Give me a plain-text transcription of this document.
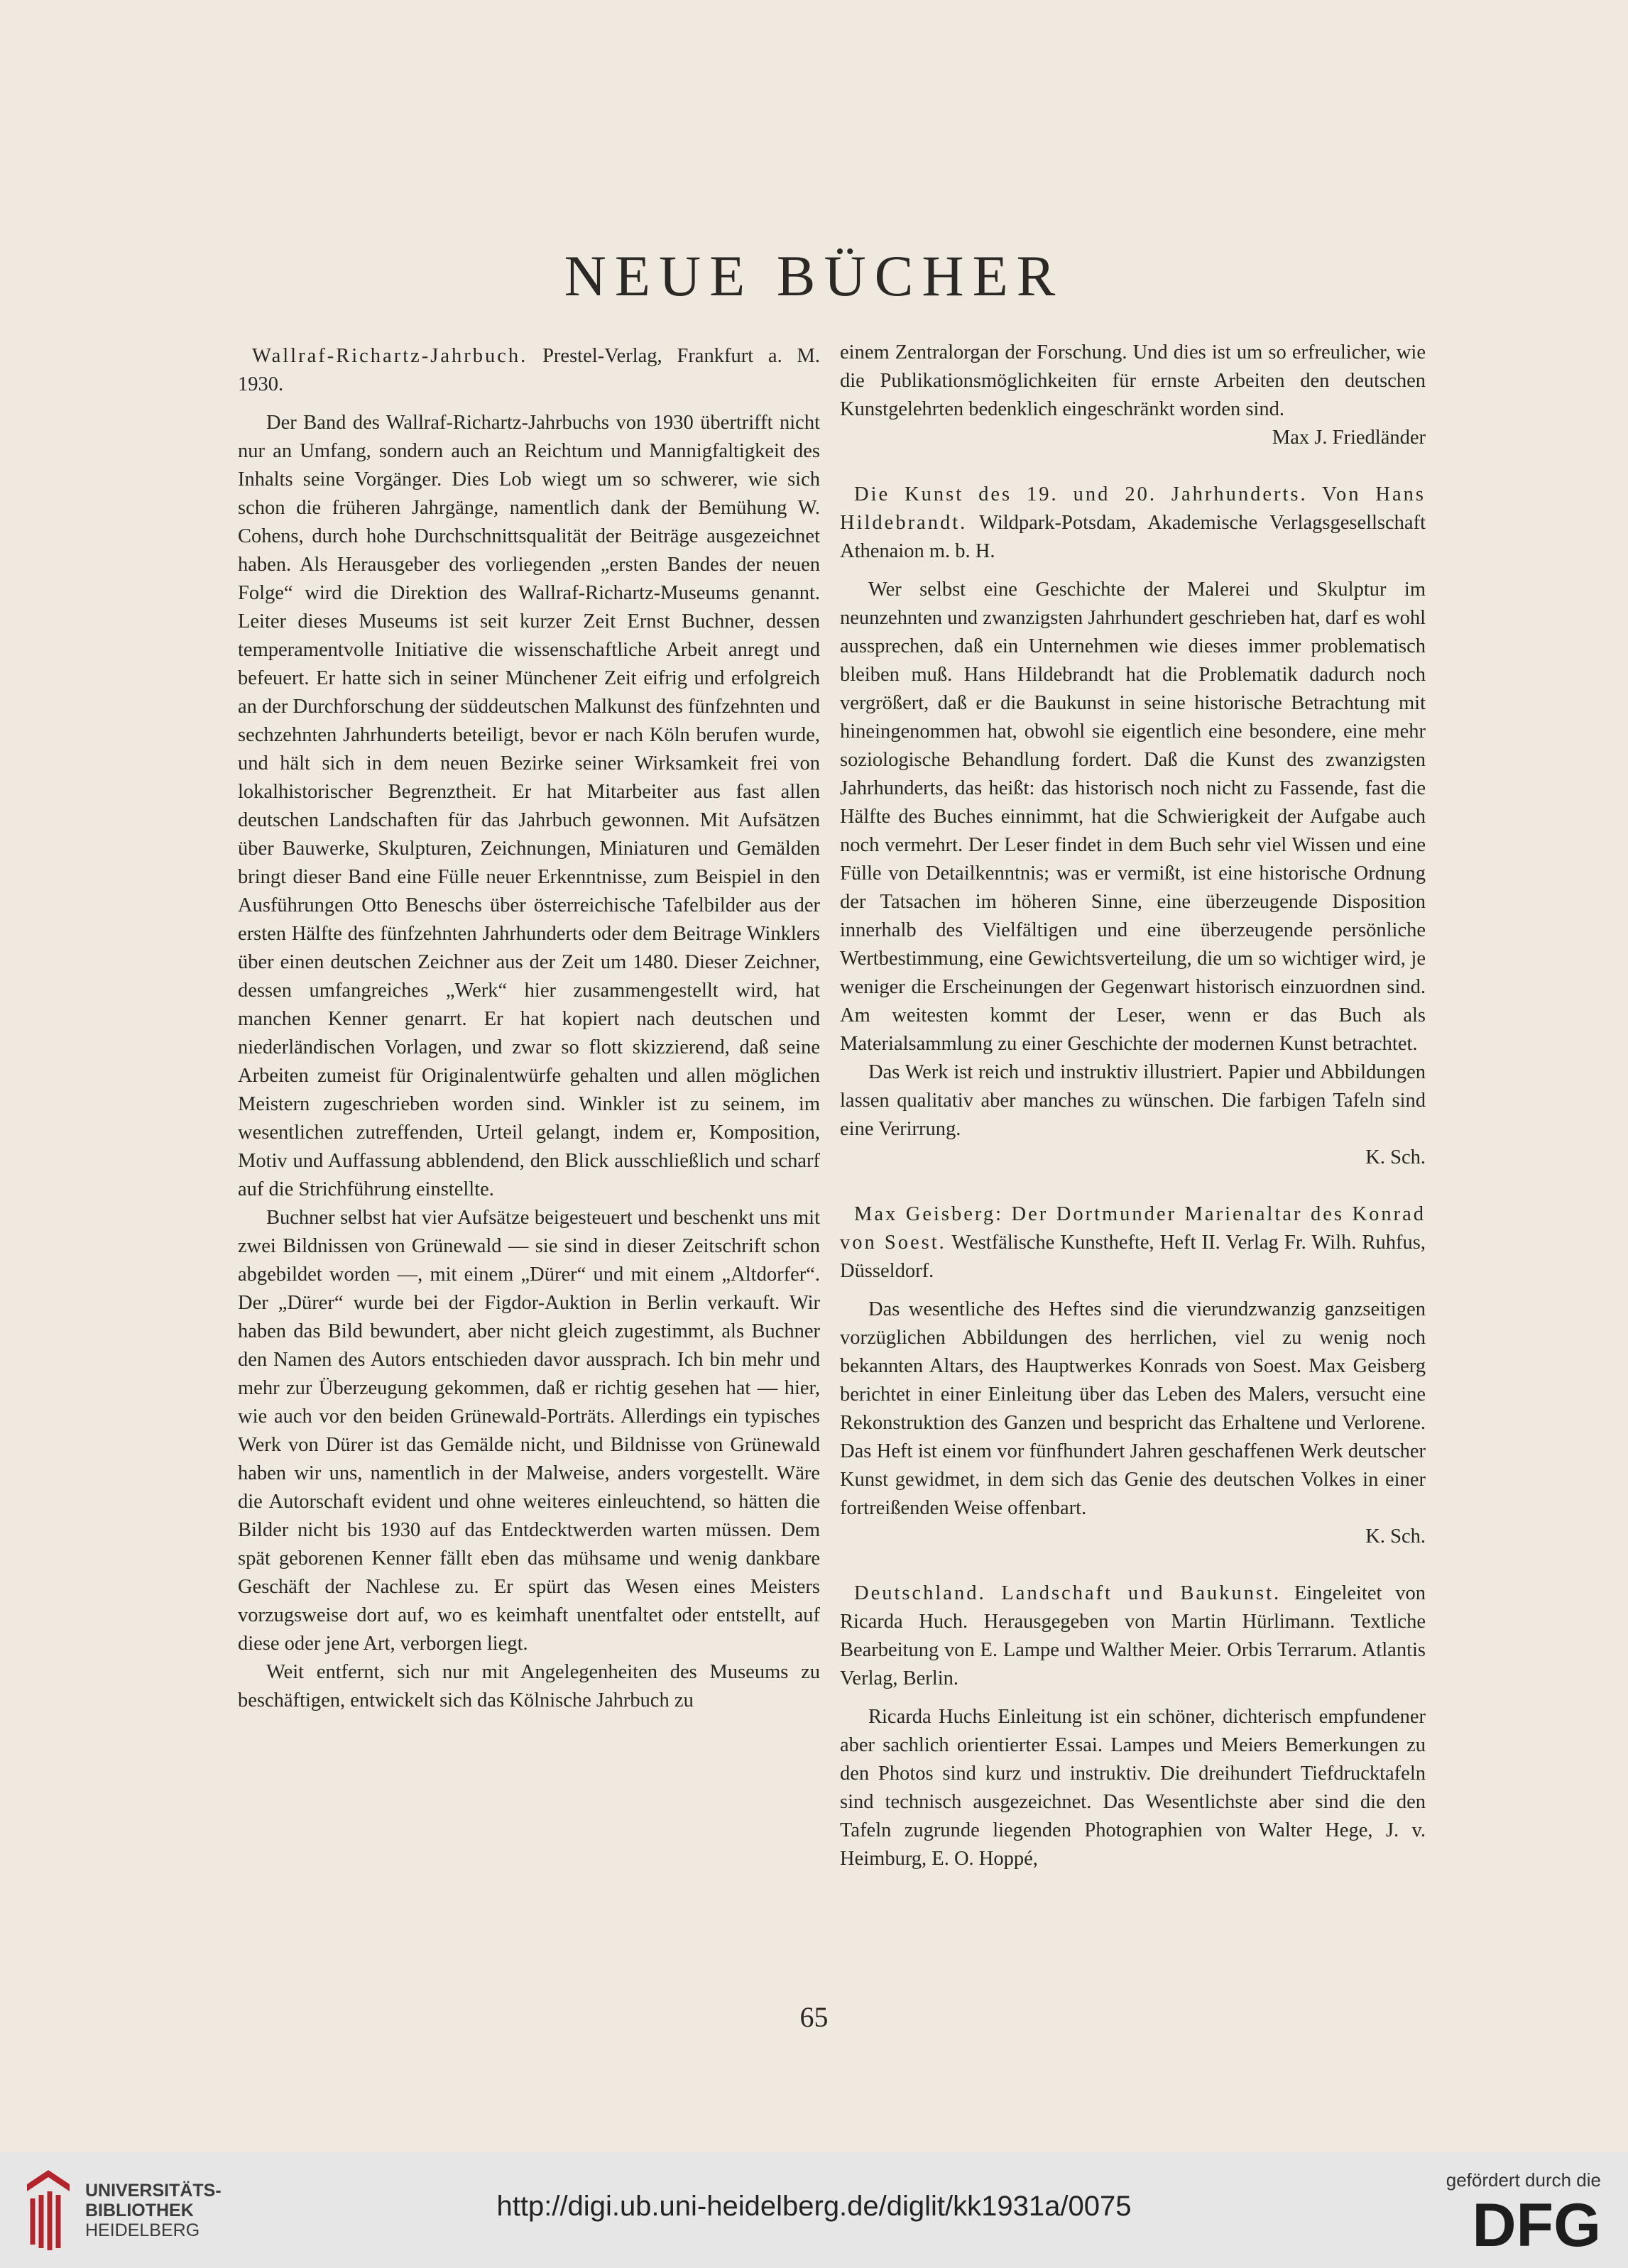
NEUE BÜCHER

Wallraf-Richartz-Jahrbuch. Prestel-Verlag, Frankfurt a. M. 1930.

Der Band des Wallraf-Richartz-Jahrbuchs von 1930 übertrifft nicht nur an Umfang, sondern auch an Reichtum und Mannigfaltigkeit des Inhalts seine Vorgänger. Dies Lob wiegt um so schwerer, wie sich schon die früheren Jahrgänge, namentlich dank der Bemühung W. Cohens, durch hohe Durchschnittsqualität der Beiträge ausgezeichnet haben. Als Herausgeber des vorliegenden „ersten Bandes der neuen Folge“ wird die Direktion des Wallraf-Richartz-Museums genannt. Leiter dieses Museums ist seit kurzer Zeit Ernst Buchner, dessen temperamentvolle Initiative die wissenschaftliche Arbeit anregt und befeuert. Er hatte sich in seiner Münchener Zeit eifrig und erfolgreich an der Durchforschung der süddeutschen Malkunst des fünfzehnten und sechzehnten Jahrhunderts beteiligt, bevor er nach Köln berufen wurde, und hält sich in dem neuen Bezirke seiner Wirksamkeit frei von lokalhistorischer Begrenztheit. Er hat Mitarbeiter aus fast allen deutschen Landschaften für das Jahrbuch gewonnen. Mit Aufsätzen über Bauwerke, Skulpturen, Zeichnungen, Miniaturen und Gemälden bringt dieser Band eine Fülle neuer Erkenntnisse, zum Beispiel in den Ausführungen Otto Beneschs über österreichische Tafelbilder aus der ersten Hälfte des fünfzehnten Jahrhunderts oder dem Beitrage Winklers über einen deutschen Zeichner aus der Zeit um 1480. Dieser Zeichner, dessen umfangreiches „Werk“ hier zusammengestellt wird, hat manchen Kenner genarrt. Er hat kopiert nach deutschen und niederländischen Vorlagen, und zwar so flott skizzierend, daß seine Arbeiten zumeist für Originalentwürfe gehalten und allen möglichen Meistern zugeschrieben worden sind. Winkler ist zu seinem, im wesentlichen zutreffenden, Urteil gelangt, indem er, Komposition, Motiv und Auffassung abblendend, den Blick ausschließlich und scharf auf die Strichführung einstellte.

Buchner selbst hat vier Aufsätze beigesteuert und beschenkt uns mit zwei Bildnissen von Grünewald — sie sind in dieser Zeitschrift schon abgebildet worden —, mit einem „Dürer“ und mit einem „Altdorfer“. Der „Dürer“ wurde bei der Figdor-Auktion in Berlin verkauft. Wir haben das Bild bewundert, aber nicht gleich zugestimmt, als Buchner den Namen des Autors entschieden davor aussprach. Ich bin mehr und mehr zur Überzeugung gekommen, daß er richtig gesehen hat — hier, wie auch vor den beiden Grünewald-Porträts. Allerdings ein typisches Werk von Dürer ist das Gemälde nicht, und Bildnisse von Grünewald haben wir uns, namentlich in der Malweise, anders vorgestellt. Wäre die Autorschaft evident und ohne weiteres einleuchtend, so hätten die Bilder nicht bis 1930 auf das Entdecktwerden warten müssen. Dem spät geborenen Kenner fällt eben das mühsame und wenig dankbare Geschäft der Nachlese zu. Er spürt das Wesen eines Meisters vorzugsweise dort auf, wo es keimhaft unentfaltet oder entstellt, auf diese oder jene Art, verborgen liegt.

Weit entfernt, sich nur mit Angelegenheiten des Museums zu beschäftigen, entwickelt sich das Kölnische Jahrbuch zu

einem Zentralorgan der Forschung. Und dies ist um so erfreulicher, wie die Publikationsmöglichkeiten für ernste Arbeiten den deutschen Kunstgelehrten bedenklich eingeschränkt worden sind.

Max J. Friedländer

Die Kunst des 19. und 20. Jahrhunderts. Von Hans Hildebrandt. Wildpark-Potsdam, Akademische Verlagsgesellschaft Athenaion m. b. H.

Wer selbst eine Geschichte der Malerei und Skulptur im neunzehnten und zwanzigsten Jahrhundert geschrieben hat, darf es wohl aussprechen, daß ein Unternehmen wie dieses immer problematisch bleiben muß. Hans Hildebrandt hat die Problematik dadurch noch vergrößert, daß er die Baukunst in seine historische Betrachtung mit hineingenommen hat, obwohl sie eigentlich eine besondere, eine mehr soziologische Behandlung fordert. Daß die Kunst des zwanzigsten Jahrhunderts, das heißt: das historisch noch nicht zu Fassende, fast die Hälfte des Buches einnimmt, hat die Schwierigkeit der Aufgabe auch noch vermehrt. Der Leser findet in dem Buch sehr viel Wissen und eine Fülle von Detailkenntnis; was er vermißt, ist eine historische Ordnung der Tatsachen im höheren Sinne, eine überzeugende Disposition innerhalb des Vielfältigen und eine überzeugende persönliche Wertbestimmung, eine Gewichtsverteilung, die um so wichtiger wird, je weniger die Erscheinungen der Gegenwart historisch einzuordnen sind. Am weitesten kommt der Leser, wenn er das Buch als Materialsammlung zu einer Geschichte der modernen Kunst betrachtet.

Das Werk ist reich und instruktiv illustriert. Papier und Abbildungen lassen qualitativ aber manches zu wünschen. Die farbigen Tafeln sind eine Verirrung.

K. Sch.

Max Geisberg: Der Dortmunder Marienaltar des Konrad von Soest. Westfälische Kunsthefte, Heft II. Verlag Fr. Wilh. Ruhfus, Düsseldorf.

Das wesentliche des Heftes sind die vierundzwanzig ganzseitigen vorzüglichen Abbildungen des herrlichen, viel zu wenig noch bekannten Altars, des Hauptwerkes Konrads von Soest. Max Geisberg berichtet in einer Einleitung über das Leben des Malers, versucht eine Rekonstruktion des Ganzen und bespricht das Erhaltene und Verlorene. Das Heft ist einem vor fünfhundert Jahren geschaffenen Werk deutscher Kunst gewidmet, in dem sich das Genie des deutschen Volkes in einer fortreißenden Weise offenbart.

K. Sch.

Deutschland. Landschaft und Baukunst. Eingeleitet von Ricarda Huch. Herausgegeben von Martin Hürlimann. Textliche Bearbeitung von E. Lampe und Walther Meier. Orbis Terrarum. Atlantis Verlag, Berlin.

Ricarda Huchs Einleitung ist ein schöner, dichterisch empfundener aber sachlich orientierter Essai. Lampes und Meiers Bemerkungen zu den Photos sind kurz und instruktiv. Die dreihundert Tiefdrucktafeln sind technisch ausgezeichnet. Das Wesentlichste aber sind die den Tafeln zugrunde liegenden Photographien von Walter Hege, J. v. Heimburg, E. O. Hoppé,

65
UNIVERSITÄTS-
BIBLIOTHEK
HEIDELBERG
http://digi.ub.uni-heidelberg.de/diglit/kk1931a/0075
gefördert durch die
DFG
